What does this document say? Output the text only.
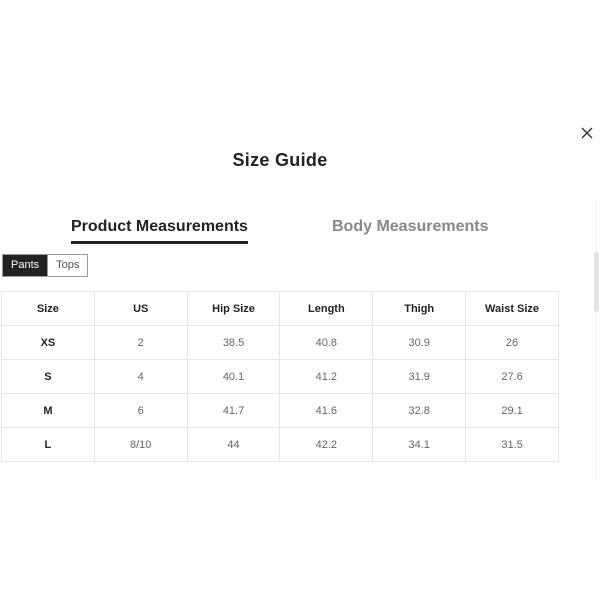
Size Guide
Product Measurements	Body Measurements
Pants	Tops
Size	US	Hip Size	Length	Thigh	Waist Size
XS	2	38.5	40.8	30.9	26
S	4	40.1	41.2	31.9	27.6
M	6	41.7	41.6	32.8	29.1
L	8/10	44	42.2	34.1	31.5
